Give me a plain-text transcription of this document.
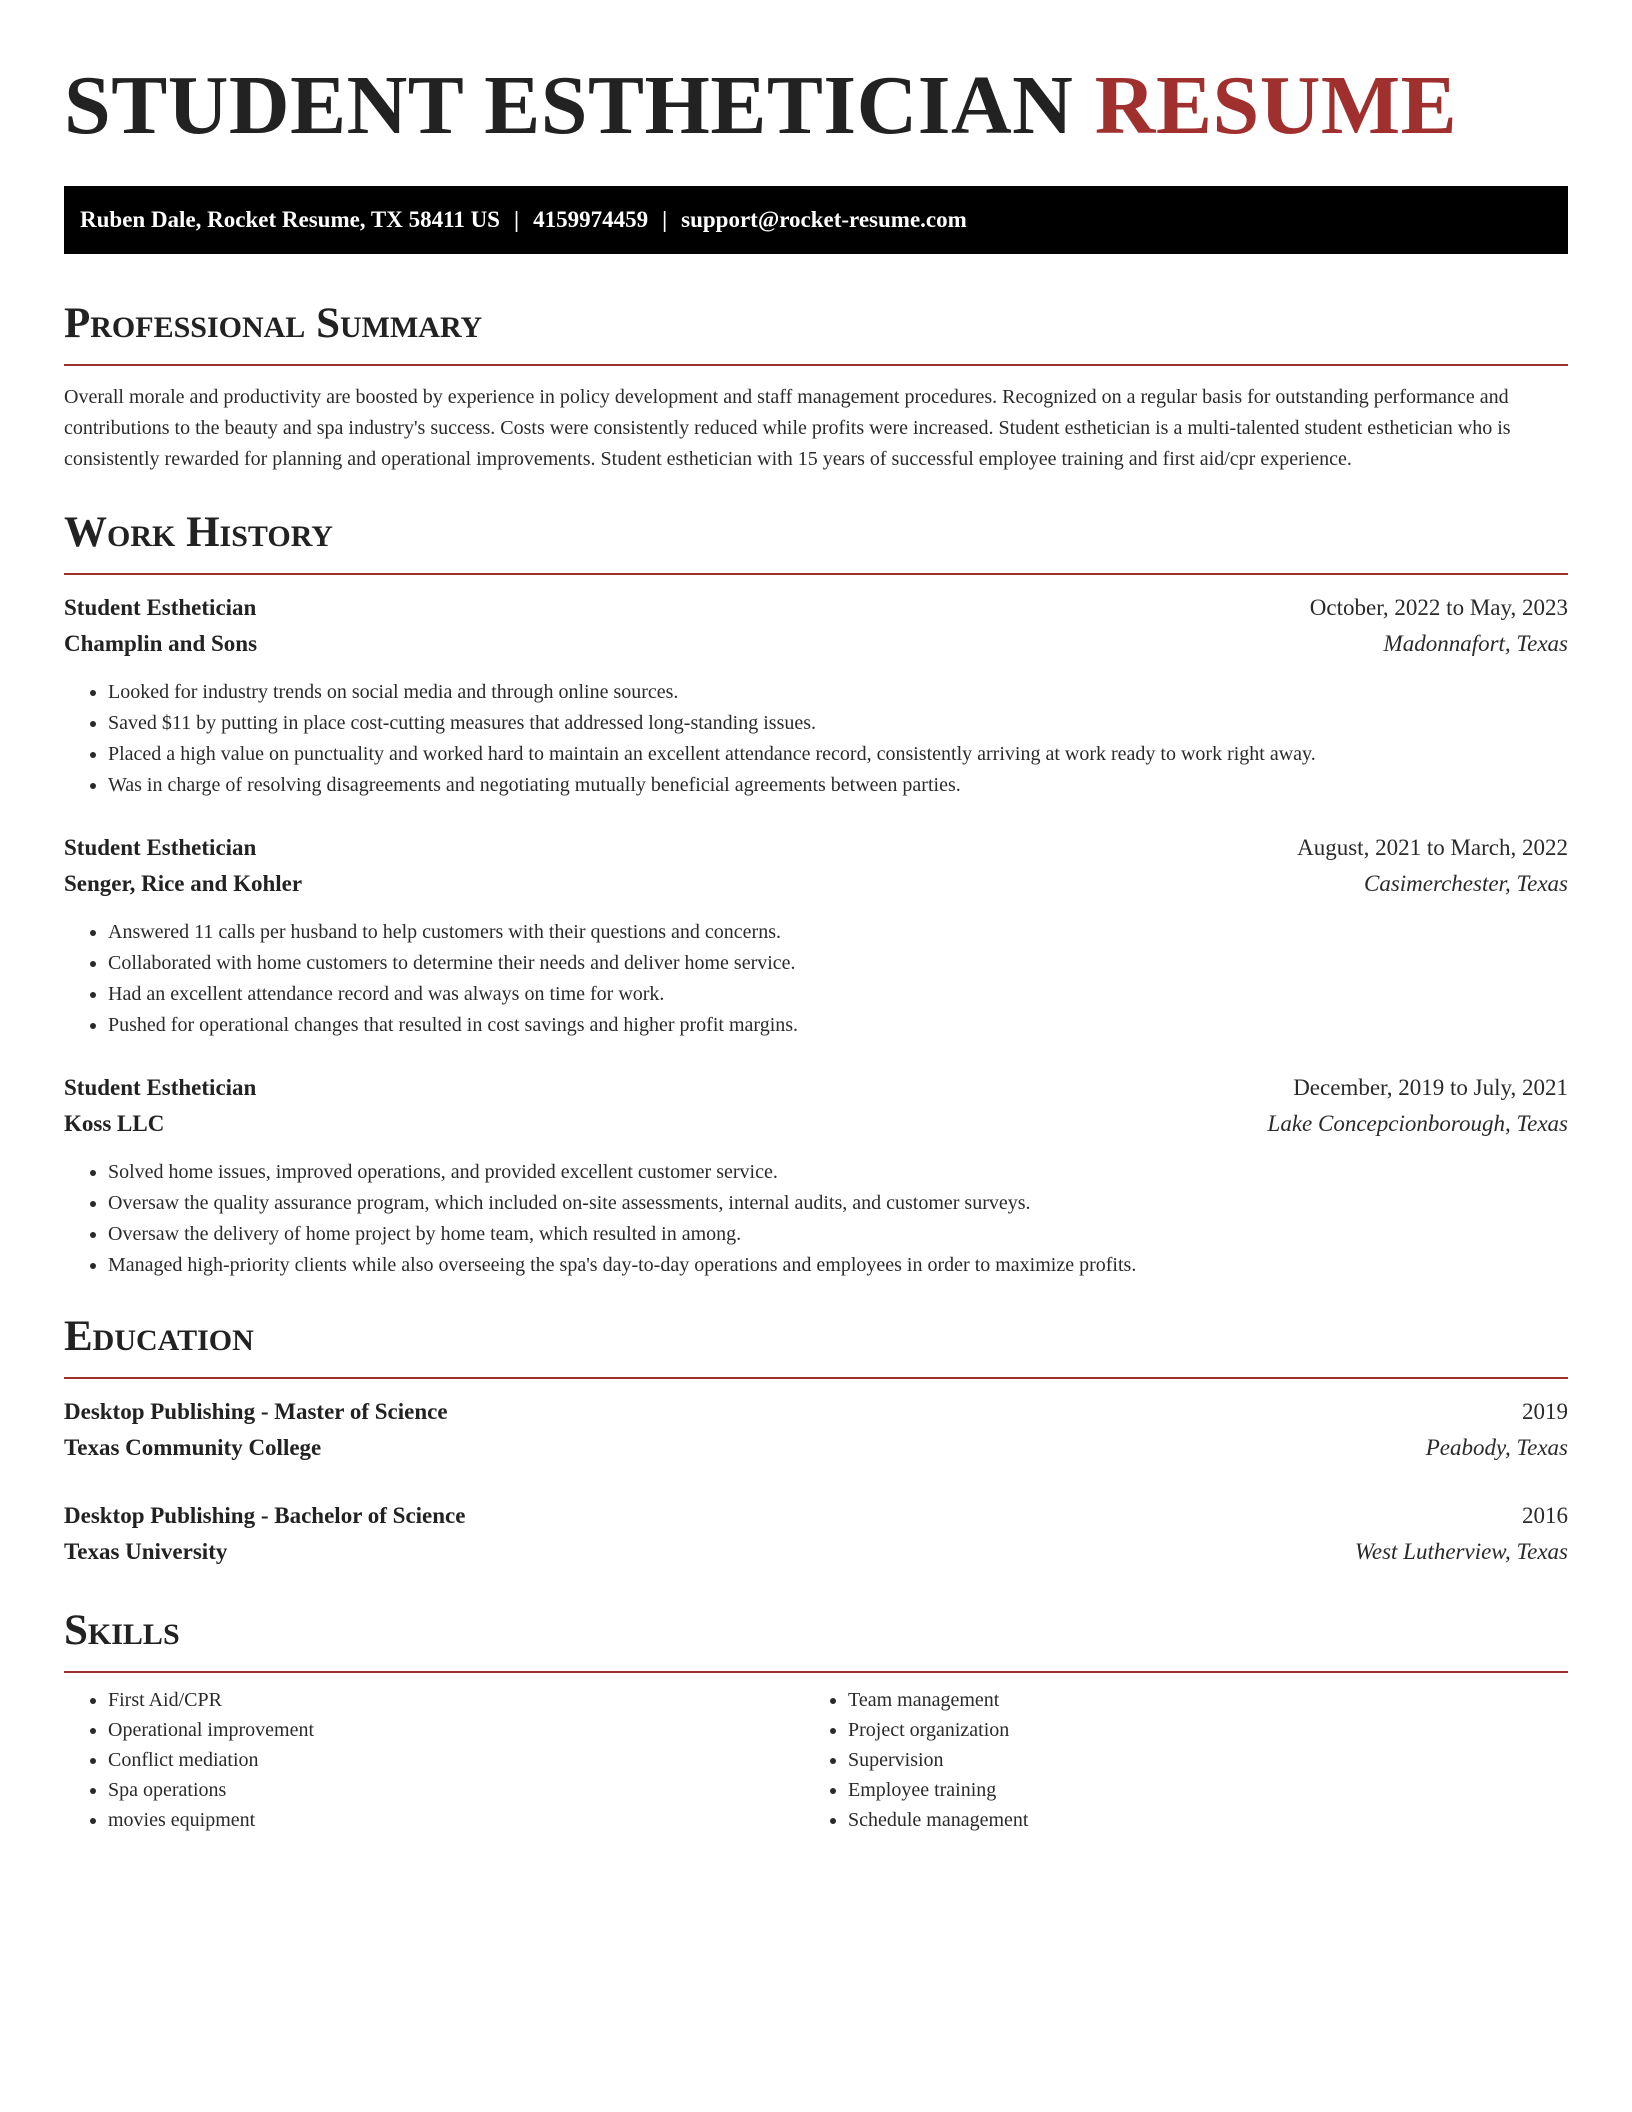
STUDENT ESTHETICIAN RESUME
Ruben Dale, Rocket Resume, TX 58411 US | 4159974459 | support@rocket-resume.com
Professional Summary

Overall morale and productivity are boosted by experience in policy development and staff management procedures. Recognized on a regular basis for outstanding performance and contributions to the beauty and spa industry's success. Costs were consistently reduced while profits were increased. Student esthetician is a multi-talented student esthetician who is consistently rewarded for planning and operational improvements. Student esthetician with 15 years of successful employee training and first aid/cpr experience.

Work History
Student Esthetician	October, 2022 to May, 2023
Champlin and Sons	Madonnafort, Texas
• Looked for industry trends on social media and through online sources.
• Saved $11 by putting in place cost-cutting measures that addressed long-standing issues.
• Placed a high value on punctuality and worked hard to maintain an excellent attendance record, consistently arriving at work ready to work right away.
• Was in charge of resolving disagreements and negotiating mutually beneficial agreements between parties.
Student Esthetician	August, 2021 to March, 2022
Senger, Rice and Kohler	Casimerchester, Texas
• Answered 11 calls per husband to help customers with their questions and concerns.
• Collaborated with home customers to determine their needs and deliver home service.
• Had an excellent attendance record and was always on time for work.
• Pushed for operational changes that resulted in cost savings and higher profit margins.
Student Esthetician	December, 2019 to July, 2021
Koss LLC	Lake Concepcionborough, Texas
• Solved home issues, improved operations, and provided excellent customer service.
• Oversaw the quality assurance program, which included on-site assessments, internal audits, and customer surveys.
• Oversaw the delivery of home project by home team, which resulted in among.
• Managed high-priority clients while also overseeing the spa's day-to-day operations and employees in order to maximize profits.
Education
Desktop Publishing - Master of Science	2019
Texas Community College	Peabody, Texas
Desktop Publishing - Bachelor of Science	2016
Texas University	West Lutherview, Texas
Skills
• First Aid/CPR
• Operational improvement
• Conflict mediation
• Spa operations
• movies equipment
• Team management
• Project organization
• Supervision
• Employee training
• Schedule management
